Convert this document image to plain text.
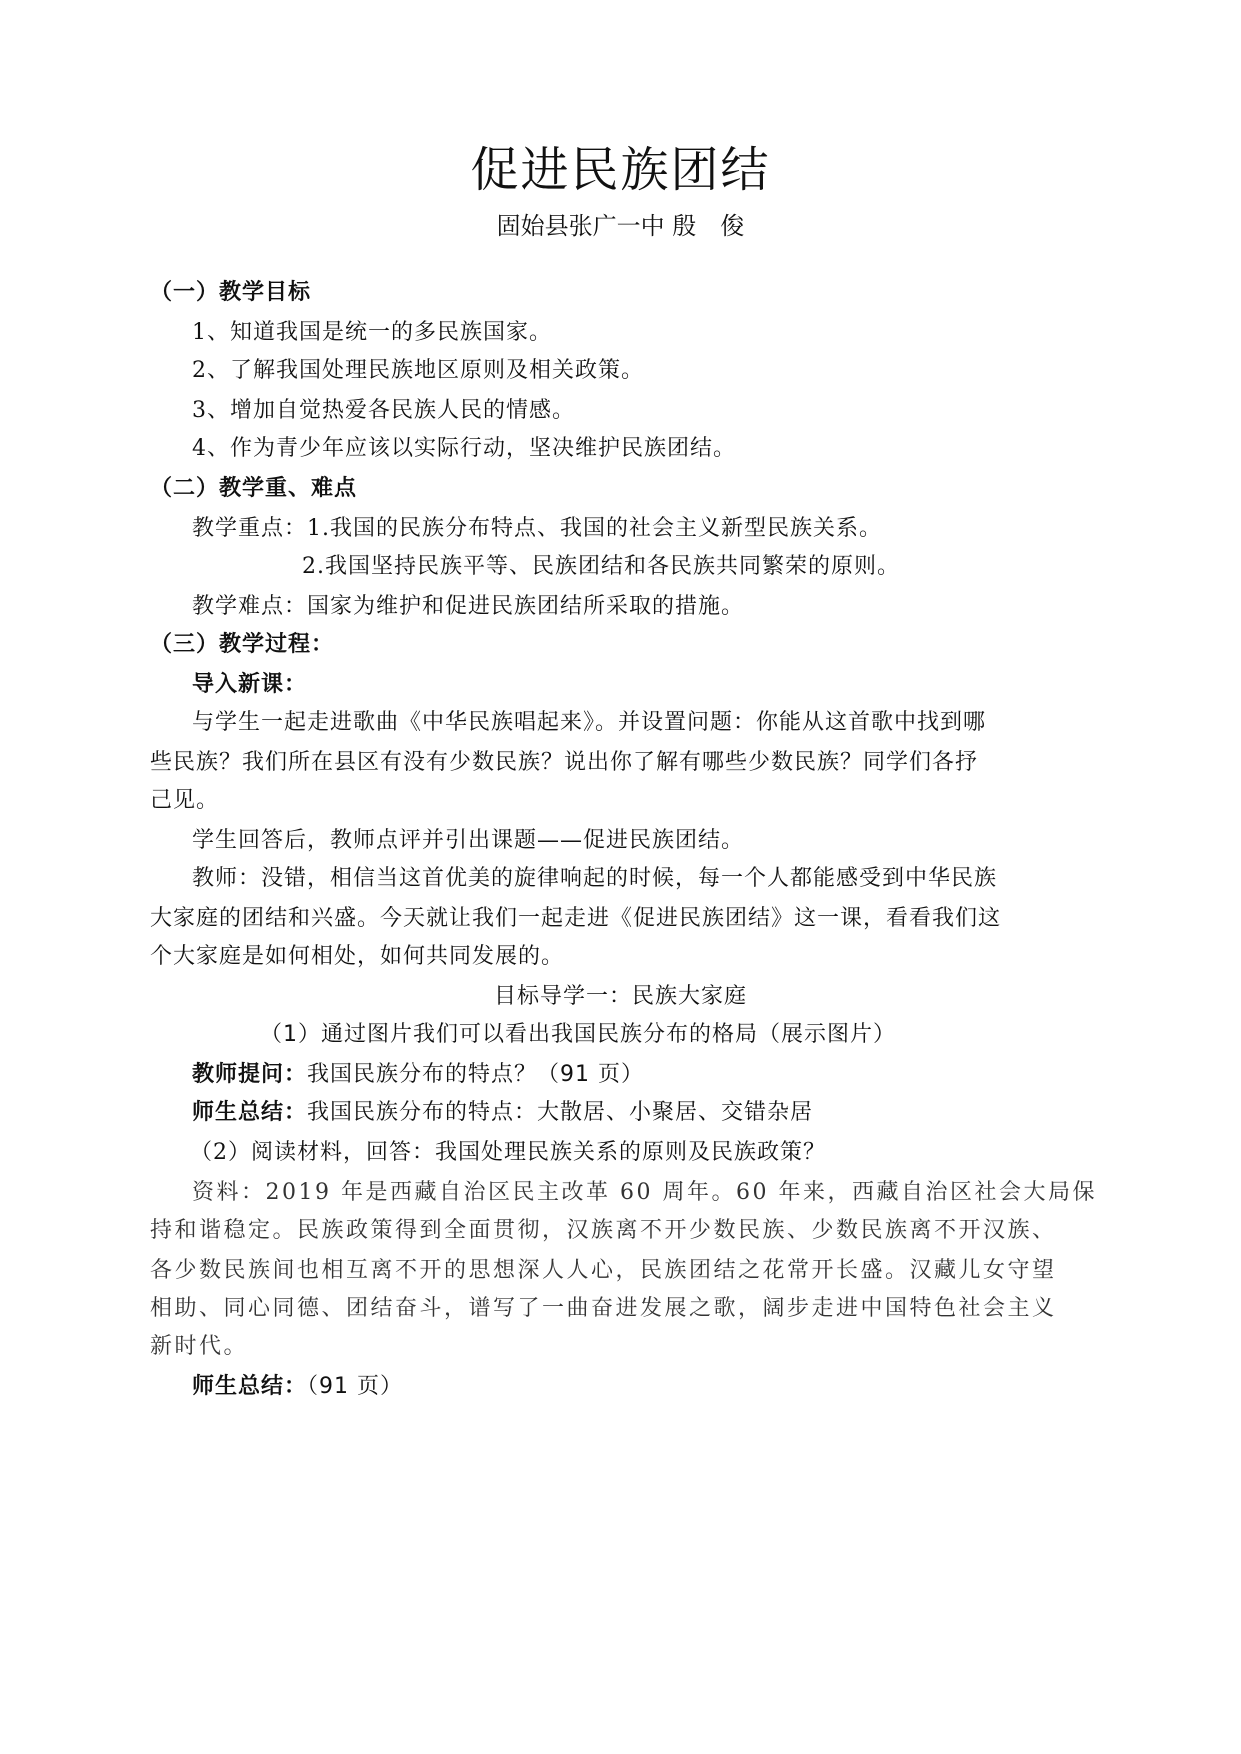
促进民族团结
固始县张广一中 殷　俊
（一）教学目标
1、知道我国是统一的多民族国家。
2、了解我国处理民族地区原则及相关政策。
3、增加自觉热爱各民族人民的情感。
4、作为青少年应该以实际行动，坚决维护民族团结。
（二）教学重、难点
教学重点：1.我国的民族分布特点、我国的社会主义新型民族关系。
2.我国坚持民族平等、民族团结和各民族共同繁荣的原则。
教学难点：国家为维护和促进民族团结所采取的措施。
（三）教学过程：
导入新课：
与学生一起走进歌曲《中华民族唱起来》。并设置问题：你能从这首歌中找到哪
些民族？我们所在县区有没有少数民族？说出你了解有哪些少数民族？同学们各抒
己见。
学生回答后，教师点评并引出课题——促进民族团结。
教师：没错，相信当这首优美的旋律响起的时候，每一个人都能感受到中华民族
大家庭的团结和兴盛。今天就让我们一起走进《促进民族团结》这一课，看看我们这
个大家庭是如何相处，如何共同发展的。
目标导学一：民族大家庭
（1）通过图片我们可以看出我国民族分布的格局（展示图片）
教师提问：我国民族分布的特点？（91 页）
师生总结：我国民族分布的特点：大散居、小聚居、交错杂居
（2）阅读材料，回答：我国处理民族关系的原则及民族政策？
资料：2019 年是西藏自治区民主改革 60 周年。60 年来，西藏自治区社会大局保
持和谐稳定。民族政策得到全面贯彻，汉族离不开少数民族、少数民族离不开汉族、
各少数民族间也相互离不开的思想深人人心，民族团结之花常开长盛。汉藏儿女守望
相助、同心同德、团结奋斗，谱写了一曲奋进发展之歌，阔步走进中国特色社会主义
新时代。
师生总结：（91 页）
